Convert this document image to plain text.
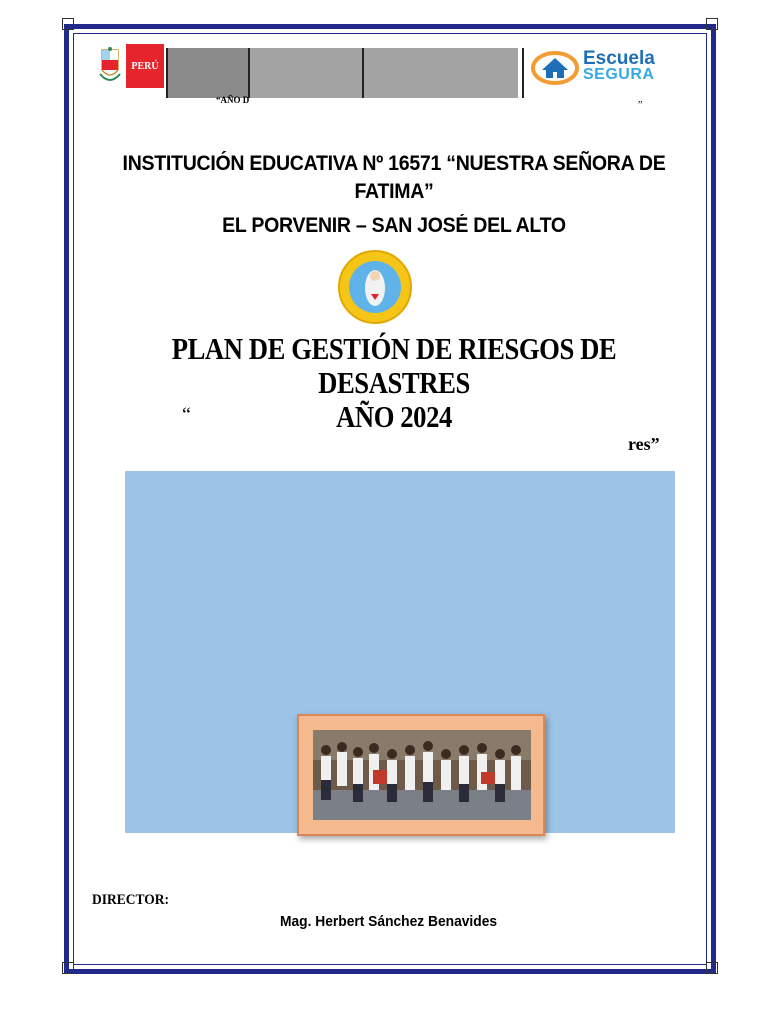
PERÚ
“AÑO D	”
Escuela
SEGURA
INSTITUCIÓN EDUCATIVA Nº 16571 “NUESTRA SEÑORA DE FATIMA”
EL PORVENIR – SAN JOSÉ DEL ALTO
PLAN DE GESTIÓN DE RIESGOS DE DESASTRES
AÑO 2024
“
res”
DIRECTOR:
Mag. Herbert Sánchez Benavides
